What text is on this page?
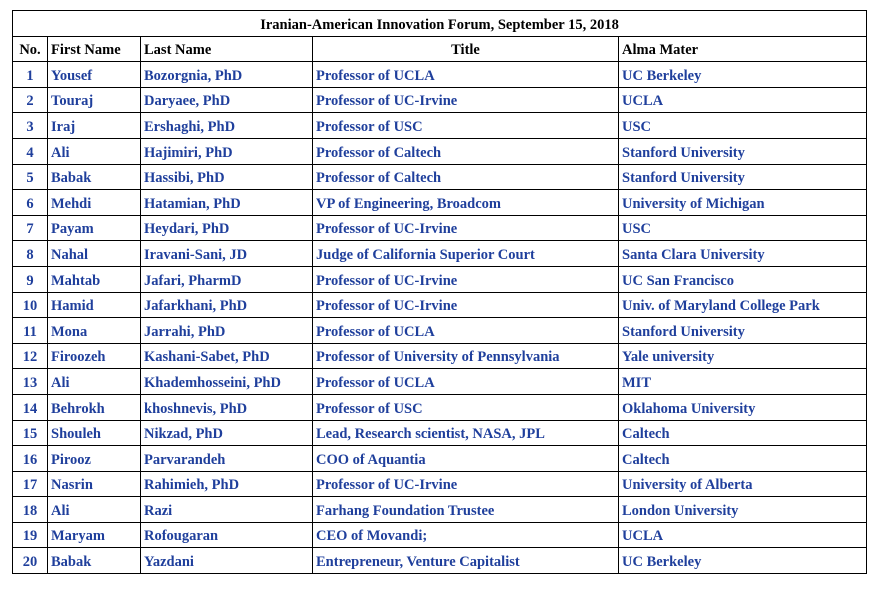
Iranian-American Innovation Forum, September 15, 2018				
No.	First Name	Last Name	Title	Alma Mater
1	Yousef	Bozorgnia, PhD	Professor of UCLA	UC Berkeley
2	Touraj	Daryaee, PhD	Professor of UC-Irvine	UCLA
3	Iraj	Ershaghi, PhD	Professor of USC	USC
4	Ali	Hajimiri, PhD	Professor of Caltech	Stanford University
5	Babak	Hassibi, PhD	Professor of Caltech	Stanford University
6	Mehdi	Hatamian, PhD	VP of Engineering, Broadcom	University of Michigan
7	Payam	Heydari, PhD	Professor of UC-Irvine	USC
8	Nahal	Iravani-Sani, JD	Judge of California Superior Court	Santa Clara University
9	Mahtab	Jafari, PharmD	Professor of UC-Irvine	UC San Francisco
10	Hamid	Jafarkhani, PhD	Professor of UC-Irvine	Univ. of Maryland College Park
11	Mona	Jarrahi, PhD	Professor of UCLA	Stanford University
12	Firoozeh	Kashani-Sabet, PhD	Professor of University of Pennsylvania	Yale university
13	Ali	Khademhosseini, PhD	Professor of UCLA	MIT
14	Behrokh	khoshnevis, PhD	Professor of USC	Oklahoma University
15	Shouleh	Nikzad, PhD	Lead, Research scientist, NASA, JPL	Caltech
16	Pirooz	Parvarandeh	COO of Aquantia	Caltech
17	Nasrin	Rahimieh, PhD	Professor of UC-Irvine	University of Alberta
18	Ali	Razi	Farhang Foundation Trustee	London University
19	Maryam	Rofougaran	CEO of Movandi;	UCLA
20	Babak	Yazdani	Entrepreneur, Venture Capitalist	UC Berkeley
